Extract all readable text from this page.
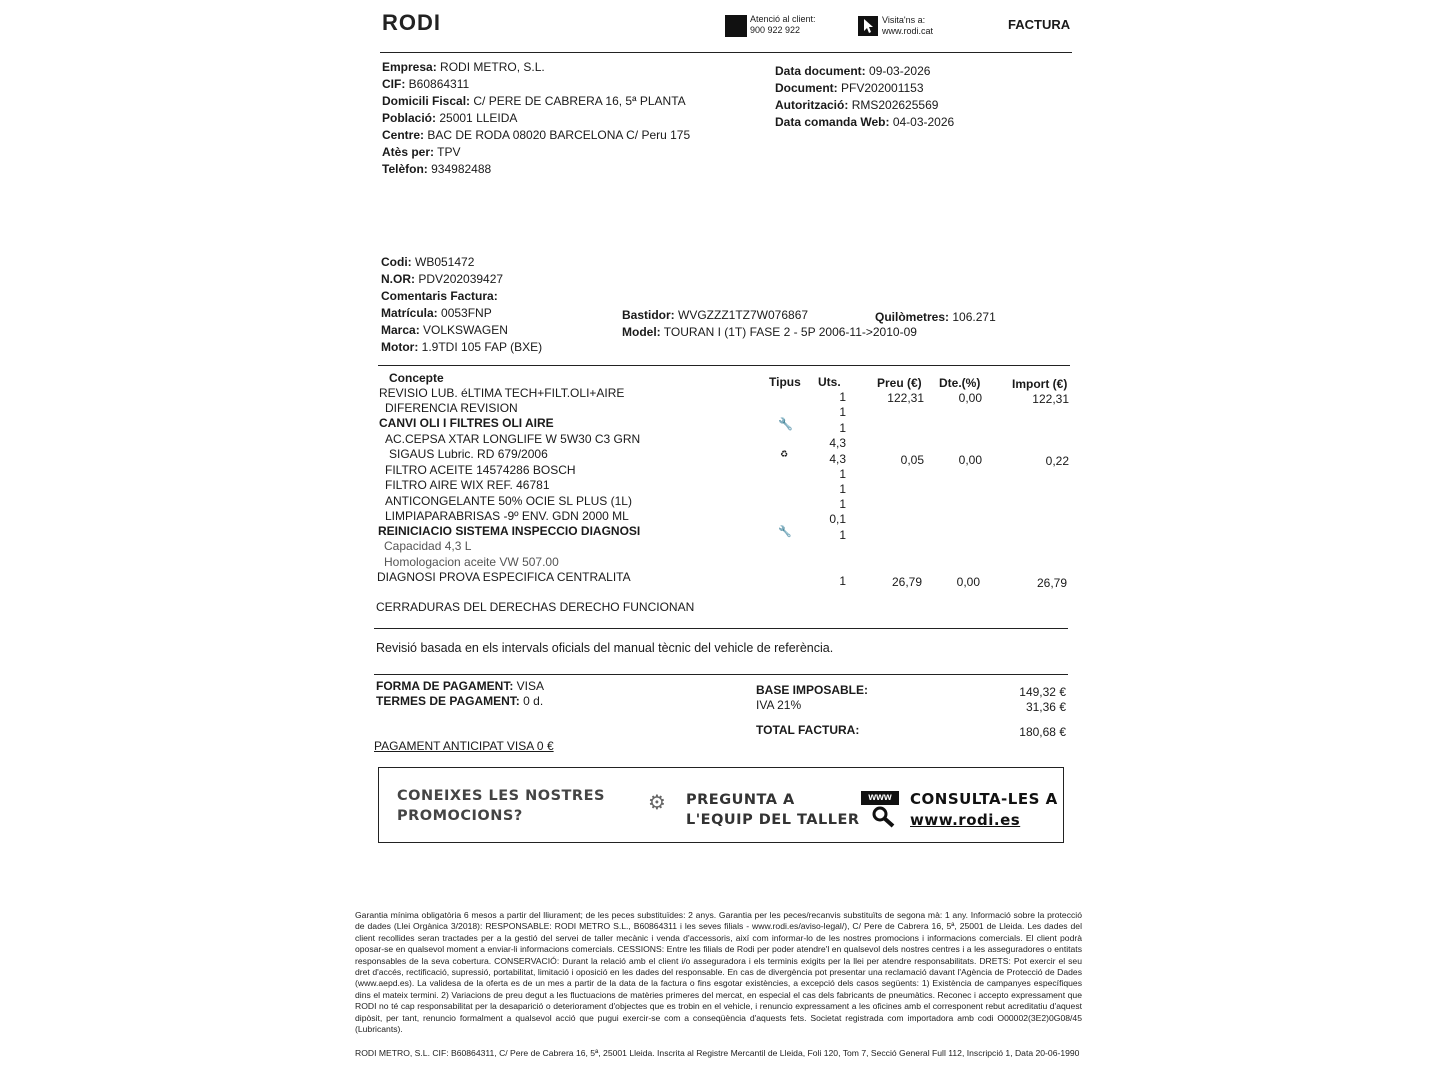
RODI	Atenció al client:
900 922 922
Visita'ns a:
www.rodi.cat	FACTURA
Empresa: RODI METRO, S.L.
CIF: B60864311
Domicili Fiscal: C/ PERE DE CABRERA 16, 5ª PLANTA
Població: 25001 LLEIDA
Centre: BAC DE RODA 08020 BARCELONA C/ Peru 175
Atès per: TPV
Telèfon: 934982488
Data document: 09-03-2026
Document: PFV202001153
Autorització: RMS202625569
Data comanda Web: 04-03-2026
Codi: WB051472
N.OR: PDV202039427
Comentaris Factura:
Matrícula: 0053FNP
Marca: VOLKSWAGEN
Motor: 1.9TDI 105 FAP (BXE)
Bastidor: WVGZZZ1TZ7W076867
Model: TOURAN I (1T) FASE 2 - 5P 2006-11->2010-09
Quilòmetres: 106.271
Concepte	Tipus Uts.	Preu (€) Dte.(%)	Import (€)
REVISIO LUB. éLTIMA TECH+FILT.OLI+AIRE	1	122,31	0,00	122,31
DIFERENCIA REVISION	1
CANVI OLI I FILTRES OLI AIRE	🔧	1
AC.CEPSA XTAR LONGLIFE W 5W30 C3 GRN	4,3
SIGAUS Lubric. RD 679/2006	♻	4,3	0,05	0,00	0,22
FILTRO ACEITE 14574286 BOSCH	1
FILTRO AIRE WIX REF. 46781	1
ANTICONGELANTE 50% OCIE SL PLUS (1L)	1
LIMPIAPARABRISAS -9º ENV. GDN 2000 ML	0,1
REINICIACIO SISTEMA INSPECCIO DIAGNOSI	🔧	1
Capacidad 4,3 L
Homologacion aceite VW 507.00
DIAGNOSI PROVA ESPECIFICA CENTRALITA	1	26,79	0,00	26,79
CERRADURAS DEL DERECHAS DERECHO FUNCIONAN
Revisió basada en els intervals oficials del manual tècnic del vehicle de referència.
FORMA DE PAGAMENT: VISA
TERMES DE PAGAMENT: 0 d.
BASE IMPOSABLE:	149,32 €
IVA 21%	31,36 €
TOTAL FACTURA:	180,68 €
PAGAMENT ANTICIPAT VISA 0 €
CONEIXES LES NOSTRES
PROMOCIONS?
⚙ PREGUNTA A
L'EQUIP DEL TALLER
www	CONSULTA-LES A
www.rodi.es
Garantia mínima obligatòria 6 mesos a partir del lliurament; de les peces substituïdes: 2 anys. Garantia per les peces/recanvis substituïts de segona mà: 1 any. Informació sobre la protecció de dades (Llei Orgànica 3/2018): RESPONSABLE: RODI METRO S.L., B60864311 i les seves filials - www.rodi.es/aviso-legal/), C/ Pere de Cabrera 16, 5ª, 25001 de Lleida. Les dades del client recollides seran tractades per a la gestió del servei de taller mecànic i venda d'accessoris, així com informar-lo de les nostres promocions i informacions comercials. El client podrà oposar-se en qualsevol moment a enviar-li informacions comercials. CESSIONS: Entre les filials de Rodi per poder atendre'l en qualsevol dels nostres centres i a les asseguradores o entitats responsables de la seva cobertura. CONSERVACIÓ: Durant la relació amb el client i/o asseguradora i els terminis exigits per la llei per atendre responsabilitats. DRETS: Pot exercir el seu dret d'accés, rectificació, supressió, portabilitat, limitació i oposició en les dades del responsable. En cas de divergència pot presentar una reclamació davant l'Agència de Protecció de Dades (www.aepd.es). La validesa de la oferta es de un mes a partir de la data de la factura o fins esgotar existències, a excepció dels casos següents: 1) Existència de campanyes específiques dins el mateix termini. 2) Variacions de preu degut a les fluctuacions de matèries primeres del mercat, en especial el cas dels fabricants de pneumàtics. Reconec i accepto expressament que RODI no té cap responsabilitat per la desaparició o deteriorament d'objectes que es trobin en el vehicle, i renuncio expressament a les oficines amb el corresponent rebut acreditatiu d'aquest dipòsit, per tant, renuncio formalment a qualsevol acció que pugui exercir-se com a conseqüència d'aquests fets. Societat registrada com importadora amb codi O00002(3E2)0G08/45 (Lubricants).
RODI METRO, S.L. CIF: B60864311, C/ Pere de Cabrera 16, 5ª, 25001 Lleida. Inscrita al Registre Mercantil de Lleida, Foli 120, Tom 7, Secció General Full 112, Inscripció 1, Data 20-06-1990
